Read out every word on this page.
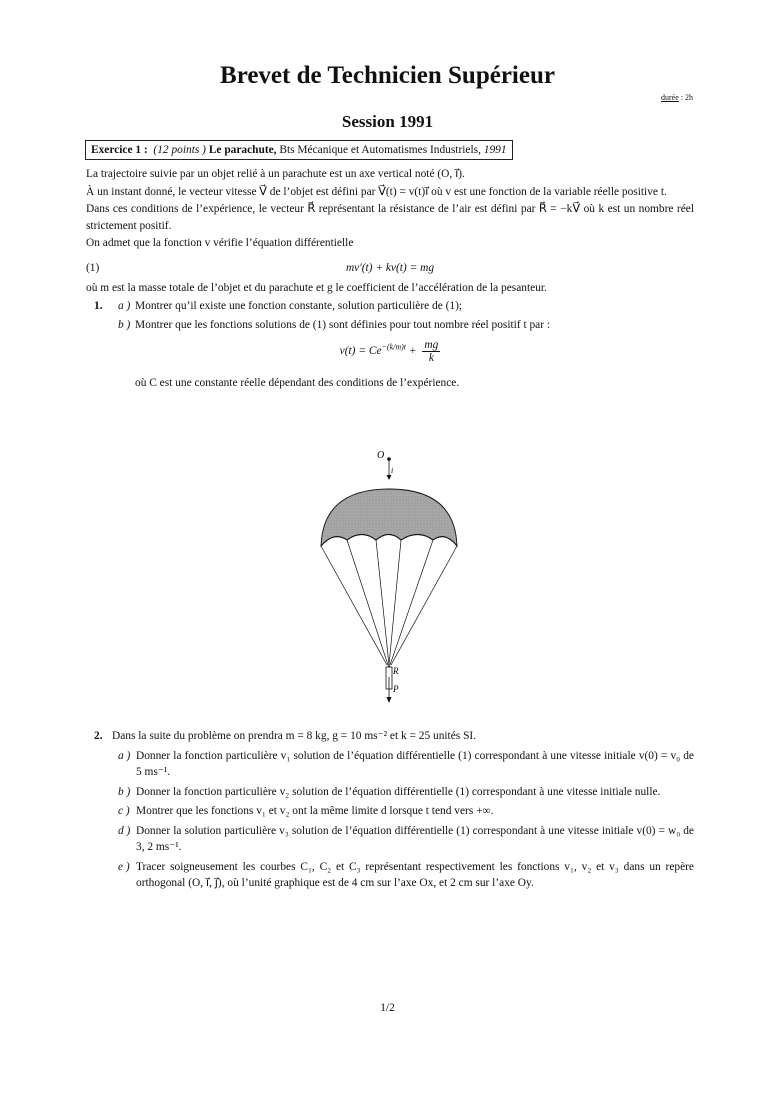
Brevet de Technicien Supérieur
durée : 2h
Session 1991
Exercice 1 :
(12 points )
Le parachute,
Bts Mécanique et Automatismes Industriels,
1991

La trajectoire suivie par un objet relié à un parachute est un axe vertical noté (O, i⃗).

À un instant donné, le vecteur vitesse V⃗ de l’objet est défini par V⃗(t) = v(t)i⃗ où v est une fonction de la variable réelle positive t.

Dans ces conditions de l’expérience, le vecteur R⃗ représentant la résistance de l’air est défini par R⃗ = −kV⃗ où k est un nombre réel strictement positif.

On admet que la fonction v vérifie l’équation différentielle

(1)	mv′(t) + kv(t) = mg

où m est la masse totale de l’objet et du parachute et g le coefficient de l’accélération de la pesanteur.

1. a ) Montrer qu’il existe une fonction constante, solution particulière de (1);
b ) Montrer que les fonctions solutions de (1) sont définies pour tout nombre réel positif t par :
$v(t) = Ce^{-(k/m)t} + \frac{mg}{k}$

où C est une constante réelle dépendant des conditions de l’expérience.

O
i⃗
R⃗
P⃗
2. Dans la suite du problème on prendra m = 8 kg, g = 10 ms⁻² et k = 25 unités SI.
a ) Donner la fonction particulière v₁ solution de l’équation différentielle (1) correspondant à une vitesse initiale v(0) = v₀ de 5 ms⁻¹.
b ) Donner la fonction particulière v₂ solution de l’équation différentielle (1) correspondant à une vitesse initiale nulle.
c ) Montrer que les fonctions v₁ et v₂ ont la même limite d lorsque t tend vers +∞.
d ) Donner la solution particulière v₃ solution de l’équation différentielle (1) correspondant à une vitesse initiale v(0) = w₀ de 3, 2 ms⁻¹.
e ) Tracer soigneusement les courbes C₁, C₂ et C₃ représentant respectivement les fonctions v₁, v₂ et v₃ dans un repère orthogonal (O, i⃗, j⃗), où l’unité graphique est de 4 cm sur l’axe Ox, et 2 cm sur l’axe Oy.
1/2
